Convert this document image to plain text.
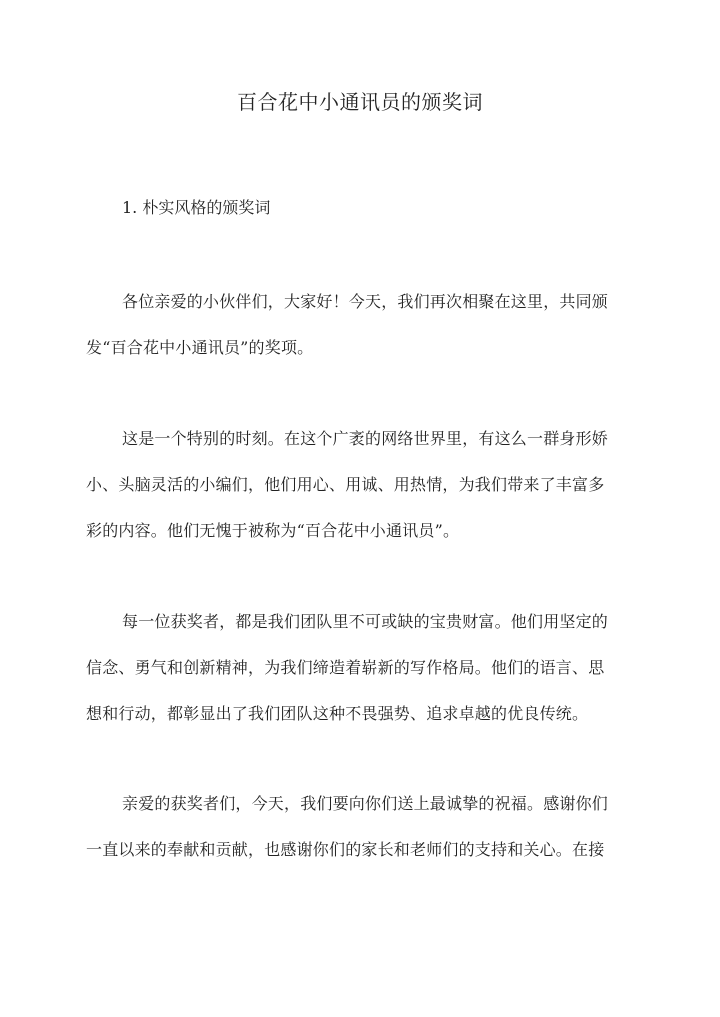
百合花中小通讯员的颁奖词

1. 朴实风格的颁奖词

各位亲爱的小伙伴们，大家好！今天，我们再次相聚在这里，共同颁
发“百合花中小通讯员”的奖项。

这是一个特别的时刻。在这个广袤的网络世界里，有这么一群身形娇
小、头脑灵活的小编们，他们用心、用诚、用热情，为我们带来了丰富多
彩的内容。他们无愧于被称为“百合花中小通讯员”。

每一位获奖者，都是我们团队里不可或缺的宝贵财富。他们用坚定的
信念、勇气和创新精神，为我们缔造着崭新的写作格局。他们的语言、思
想和行动，都彰显出了我们团队这种不畏强势、追求卓越的优良传统。

亲爱的获奖者们，今天，我们要向你们送上最诚挚的祝福。感谢你们
一直以来的奉献和贡献，也感谢你们的家长和老师们的支持和关心。在接
